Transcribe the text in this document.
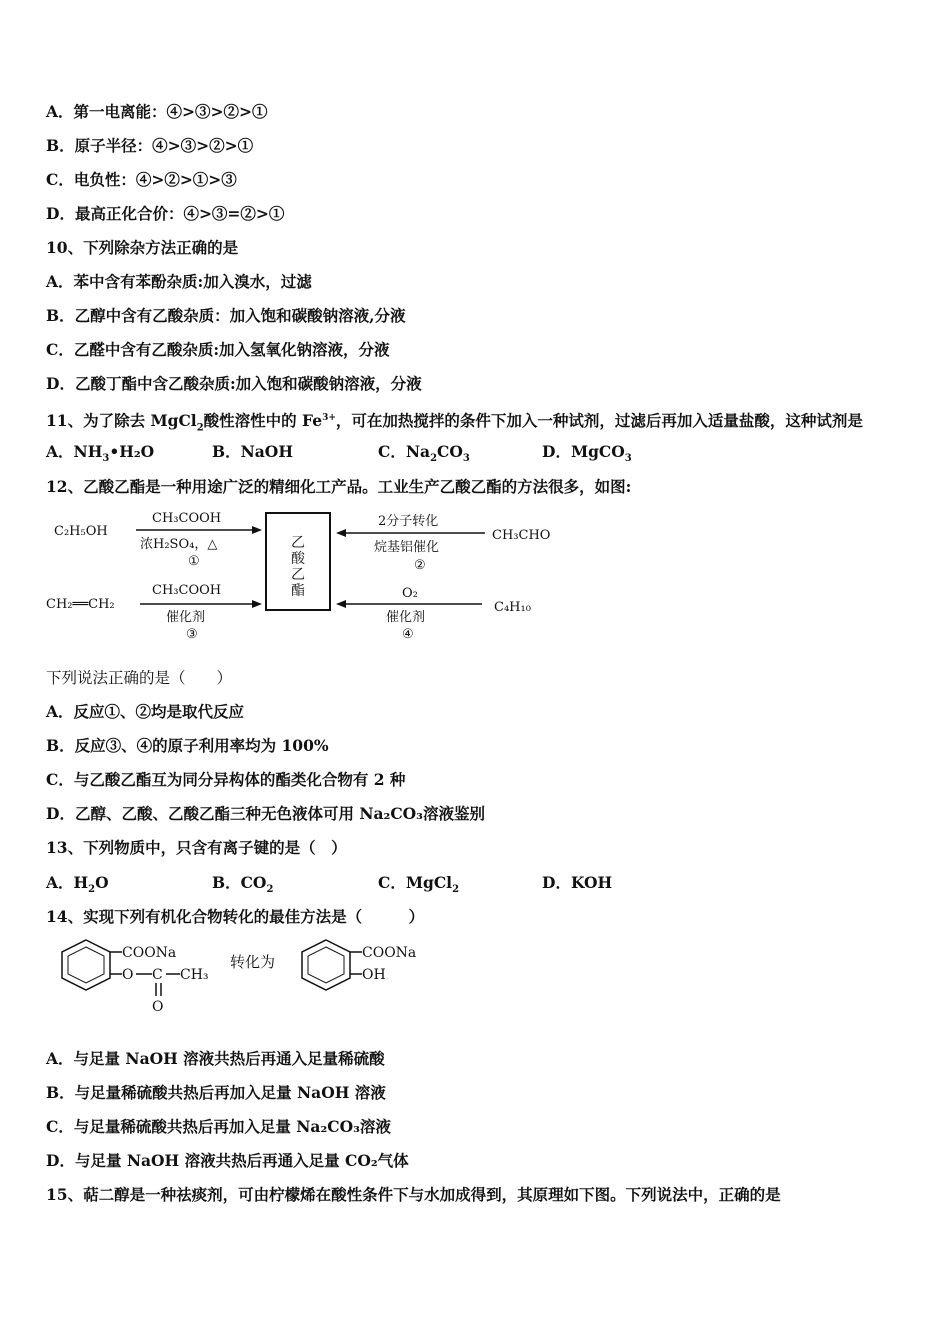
A．第一电离能：④>③>②>①
B．原子半径：④>③>②>①
C．电负性：④>②>①>③
D．最高正化合价：④>③=②>①
10、下列除杂方法正确的是
A．苯中含有苯酚杂质:加入溴水，过滤
B．乙醇中含有乙酸杂质：加入饱和碳酸钠溶液,分液
C．乙醛中含有乙酸杂质:加入氢氧化钠溶液，分液
D．乙酸丁酯中含乙酸杂质:加入饱和碳酸钠溶液，分液
11、为了除去 MgCl$_2$酸性溶性中的 $Fe^{3+}$，可在加热搅拌的条件下加入一种试剂，过滤后再加入适量盐酸，这种试剂是
A．$NH_3•H_2O$	B．NaOH	C．$Na_2CO_3$	D．MgCO$_3$
12、乙酸乙酯是一种用途广泛的精细化工产品。工业生产乙酸乙酯的方法很多，如图:
乙
酸
乙
酯
C₂H₅OH
CH₃COOH
浓H₂SO₄，△
①
2分子转化
烷基铝催化
②
CH₃CHO
CH₂══CH₂
CH₃COOH
催化剂
③
O₂
催化剂
④
C₄H₁₀
下列说法正确的是（　　）
A．反应①、②均是取代反应
B．反应③、④的原子利用率均为 100%
C．与乙酸乙酯互为同分异构体的酯类化合物有 2 种
D．乙醇、乙酸、乙酸乙酯三种无色液体可用 Na₂CO₃溶液鉴别
13、下列物质中，只含有离子键的是（　）
A．$H_2O$	B．$CO_2$	C．MgCl$_2$	D．KOH
14、实现下列有机化合物转化的最佳方法是（　　　）
COONa
O C CH₃
O
转化为	COONa
OH
A．与足量 NaOH 溶液共热后再通入足量稀硫酸
B．与足量稀硫酸共热后再加入足量 NaOH 溶液
C．与足量稀硫酸共热后再加入足量 Na₂CO₃溶液
D．与足量 NaOH 溶液共热后再通入足量 CO₂气体
15、萜二醇是一种祛痰剂，可由柠檬烯在酸性条件下与水加成得到，其原理如下图。下列说法中，正确的是
